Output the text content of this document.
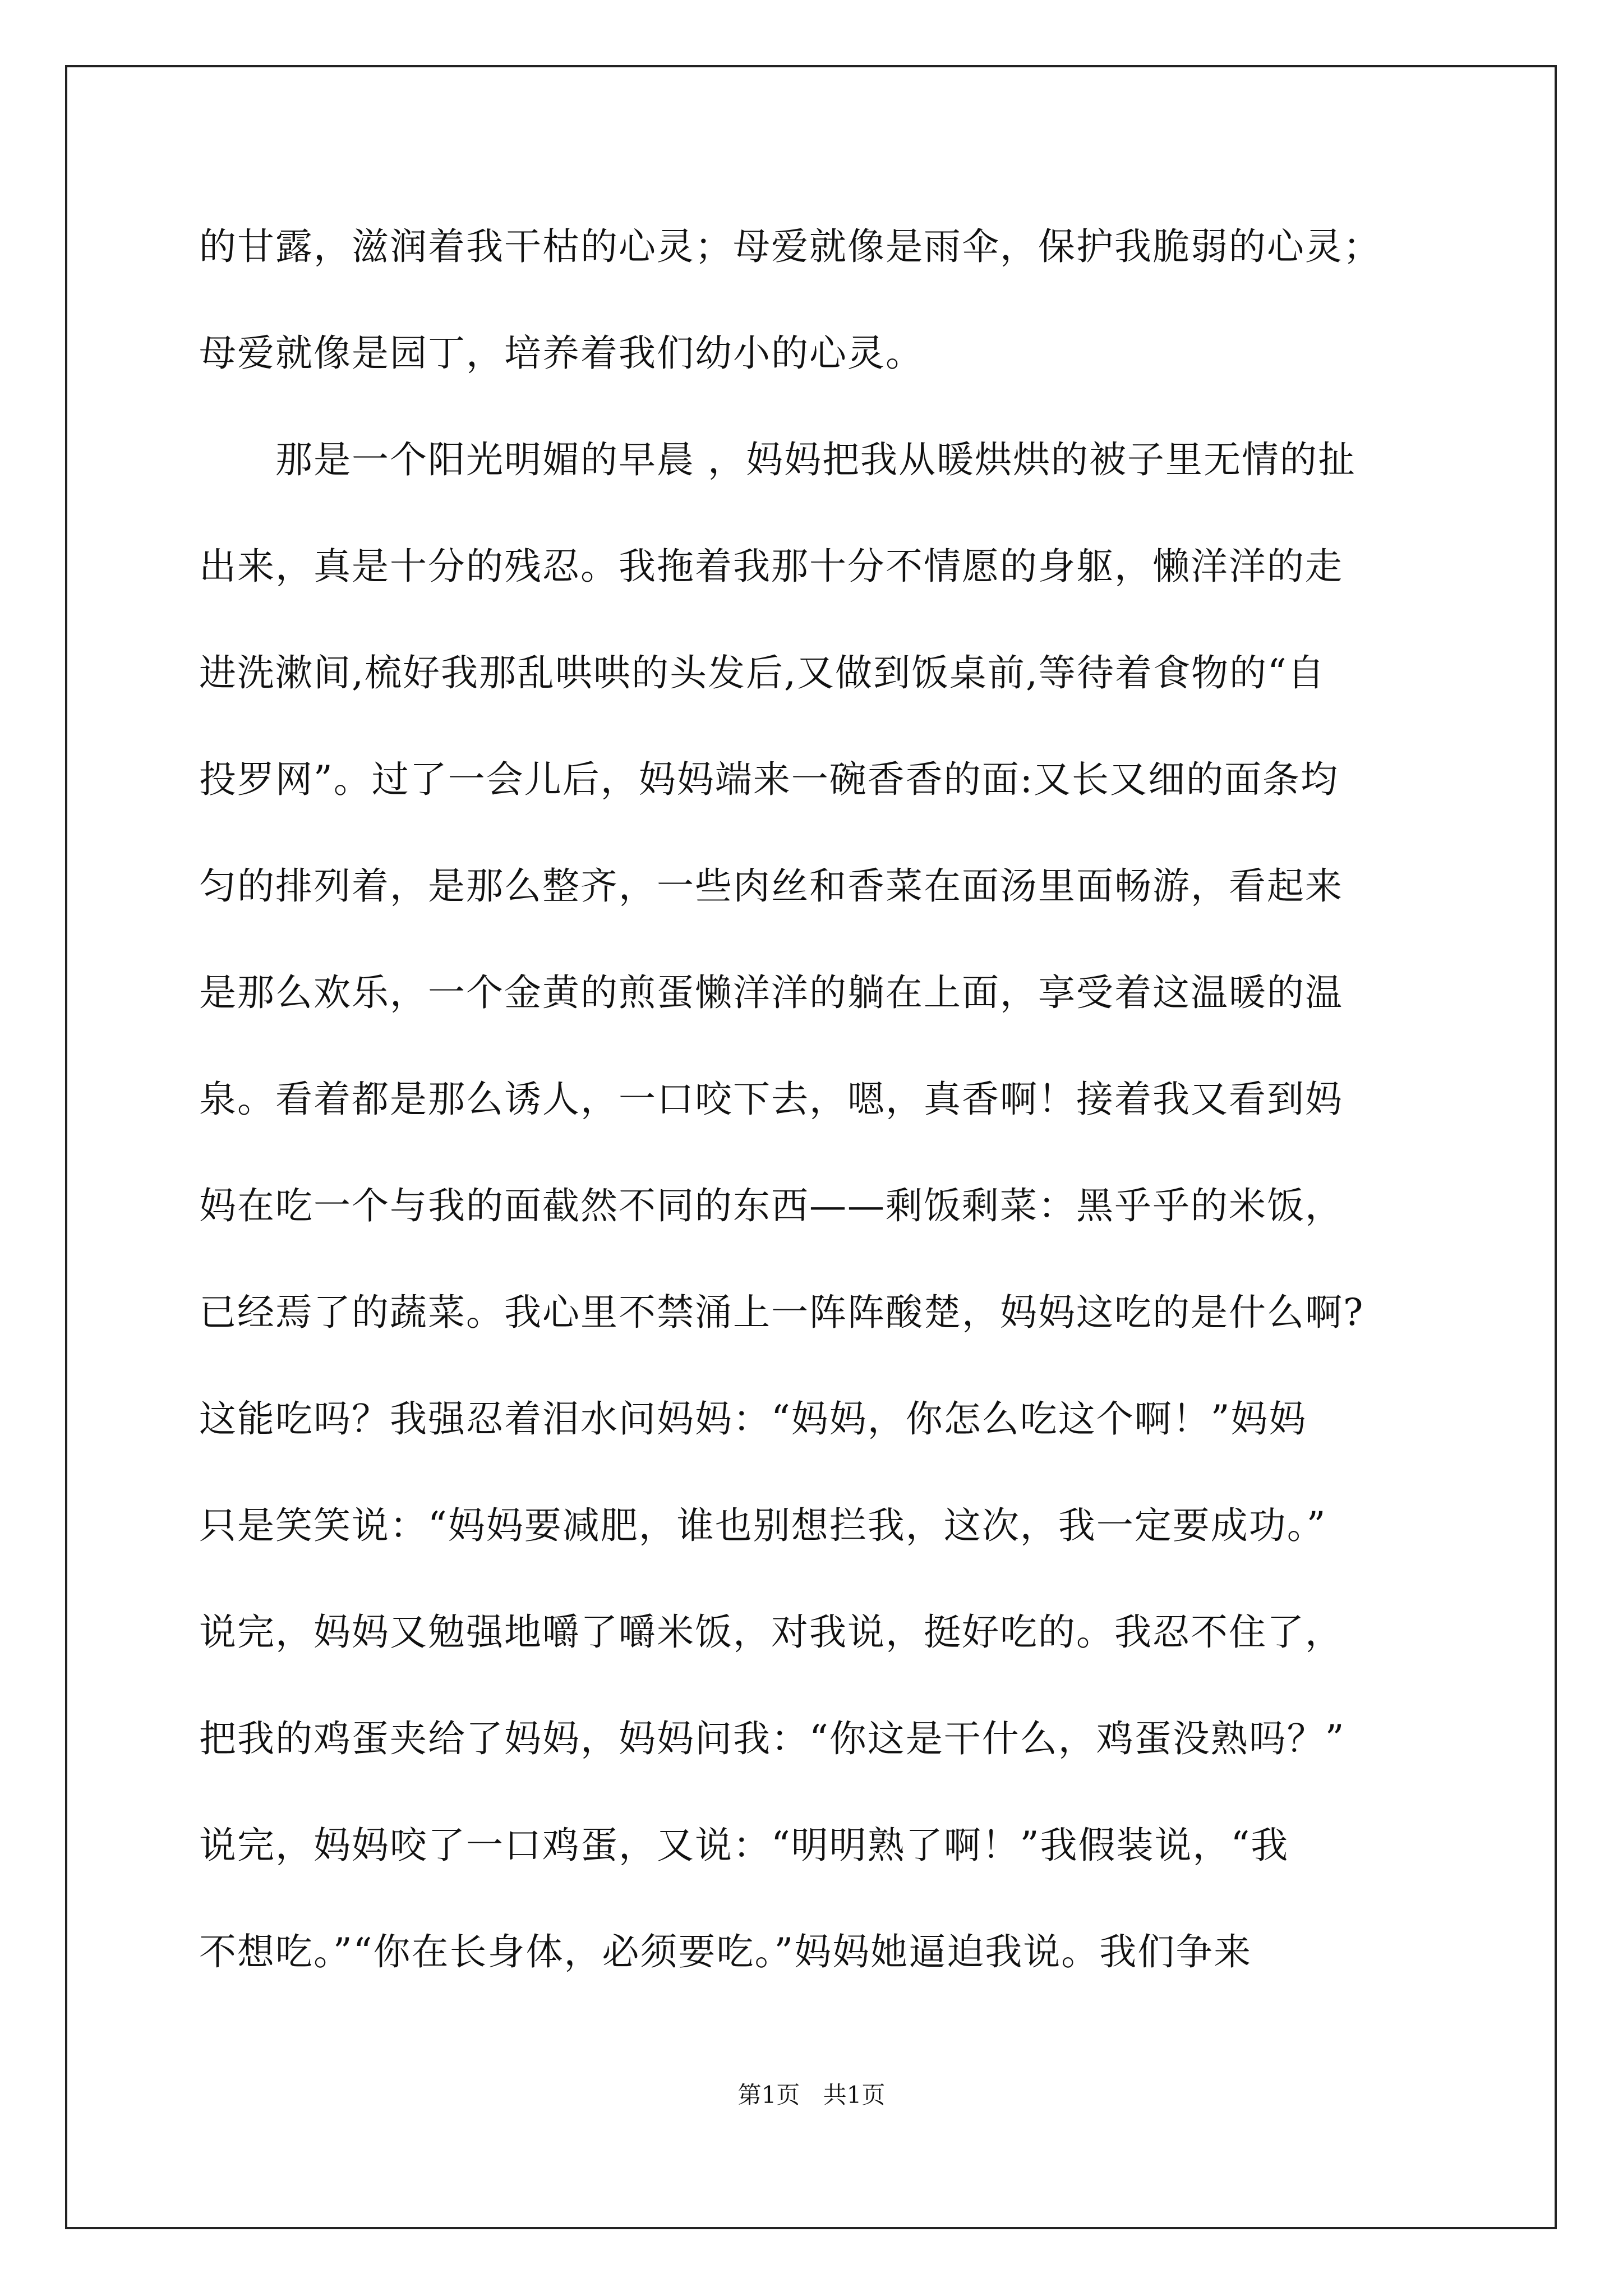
的甘露，滋润着我干枯的心灵；母爱就像是雨伞，保护我脆弱的心灵；
母爱就像是园丁，培养着我们幼小的心灵。
　　那是一个阳光明媚的早晨 ，妈妈把我从暖烘烘的被子里无情的扯
出来，真是十分的残忍。我拖着我那十分不情愿的身躯，懒洋洋的走
进洗漱间,梳好我那乱哄哄的头发后,又做到饭桌前,等待着食物的“自
投罗网”。过了一会儿后，妈妈端来一碗香香的面:又长又细的面条均
匀的排列着，是那么整齐，一些肉丝和香菜在面汤里面畅游，看起来
是那么欢乐，一个金黄的煎蛋懒洋洋的躺在上面，享受着这温暖的温
泉。看着都是那么诱人，一口咬下去，嗯，真香啊！接着我又看到妈
妈在吃一个与我的面截然不同的东西——剩饭剩菜：黑乎乎的米饭，
已经焉了的蔬菜。我心里不禁涌上一阵阵酸楚，妈妈这吃的是什么啊?
这能吃吗？我强忍着泪水问妈妈：“妈妈，你怎么吃这个啊！”妈妈
只是笑笑说：“妈妈要减肥，谁也别想拦我，这次，我一定要成功。”
说完，妈妈又勉强地嚼了嚼米饭，对我说，挺好吃的。我忍不住了，
把我的鸡蛋夹给了妈妈，妈妈问我：“你这是干什么，鸡蛋没熟吗？”
说完，妈妈咬了一口鸡蛋，又说：“明明熟了啊！”我假装说，“我
不想吃。”“你在长身体，必须要吃。”妈妈她逼迫我说。我们争来
第1页 共1页
